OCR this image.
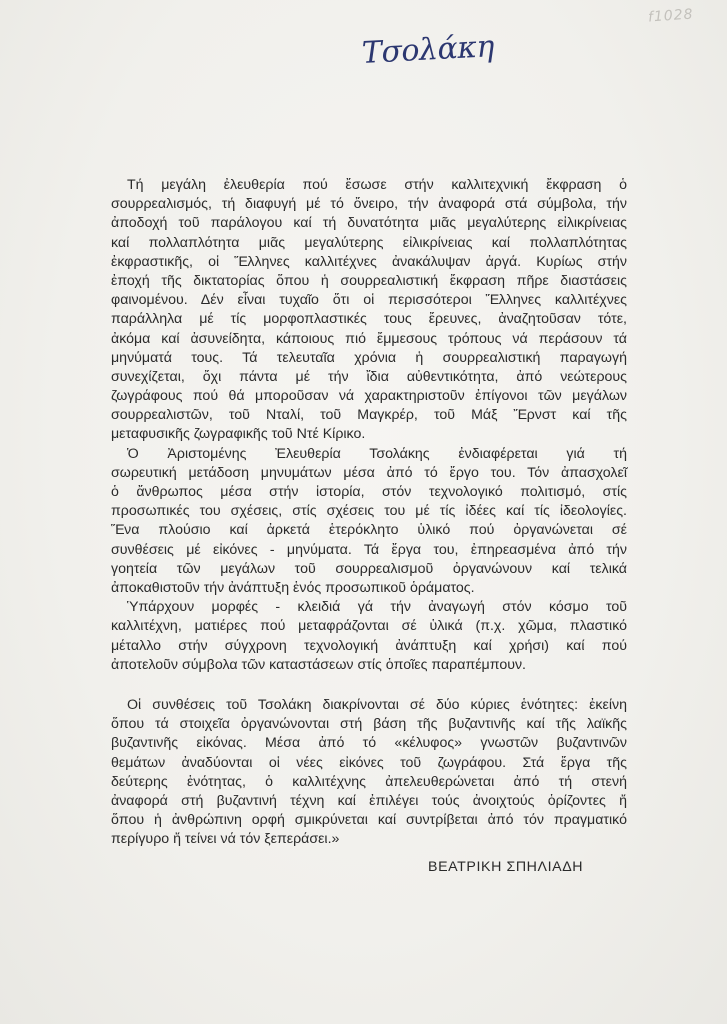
f1028
Τσολάκη
Τή μεγάλη ἐλευθερία πού ἔσωσε στήν καλλιτεχνική ἔκφραση ὁ
σουρρεαλισμός, τή διαφυγή μέ τό ὄνειρο, τήν ἀναφορά στά σύμβολα, τήν
ἀποδοχή τοῦ παράλογου καί τή δυνατότητα μιᾶς μεγαλύτερης εἰλικρίνειας
καί πολλαπλότητα μιᾶς μεγαλύτερης εἰλικρίνειας καί πολλαπλότητας
ἐκφραστικῆς, οἱ Ἕλληνες καλλιτέχνες ἀνακάλυψαν ἀργά. Κυρίως στήν
ἐποχή τῆς δικτατορίας ὅπου ἡ σουρρεαλιστική ἔκφραση πῆρε διαστάσεις
φαινομένου. Δέν εἶναι τυχαῖο ὅτι οἱ περισσότεροι Ἕλληνες καλλιτέχνες
παράλληλα μέ τίς μορφοπλαστικές τους ἔρευνες, ἀναζητοῦσαν τότε,
ἀκόμα καί ἀσυνείδητα, κάποιους πιό ἔμμεσους τρόπους νά περάσουν τά
μηνύματά τους. Τά τελευταῖα χρόνια ἡ σουρρεαλιστική παραγωγή
συνεχίζεται, ὄχι πάντα μέ τήν ἴδια αὐθεντικότητα, ἀπό νεώτερους
ζωγράφους πού θά μποροῦσαν νά χαρακτηριστοῦν ἐπίγονοι τῶν μεγάλων
σουρρεαλιστῶν, τοῦ Νταλί, τοῦ Μαγκρέρ, τοῦ Μάξ Ἔρνστ καί τῆς
μεταφυσικῆς ζωγραφικῆς τοῦ Ντέ Κίρικο.
Ὁ Ἀριστομένης Ἐλευθερία Τσολάκης ἐνδιαφέρεται γιά τή
σωρευτική μετάδοση μηνυμάτων μέσα ἀπό τό ἔργο του. Τόν ἀπασχολεῖ
ὁ ἄνθρωπος μέσα στήν ἱστορία, στόν τεχνολογικό πολιτισμό, στίς
προσωπικές του σχέσεις, στίς σχέσεις του μέ τίς ἰδέες καί τίς ἰδεολογίες.
Ἕνα πλούσιο καί ἀρκετά ἑτερόκλητο ὑλικό πού ὀργανώνεται σέ
συνθέσεις μέ εἰκόνες - μηνύματα. Τά ἔργα του, ἐπηρεασμένα ἀπό τήν
γοητεία τῶν μεγάλων τοῦ σουρρεαλισμοῦ ὀργανώνουν καί τελικά
ἀποκαθιστοῦν τήν ἀνάπτυξη ἑνός προσωπικοῦ ὁράματος.
Ὑπάρχουν μορφές - κλειδιά γά τήν ἀναγωγή στόν κόσμο τοῦ
καλλιτέχνη, ματιέρες πού μεταφράζονται σέ ὑλικά (π.χ. χῶμα, πλαστικό
μέταλλο στήν σύγχρονη τεχνολογική ἀνάπτυξη καί χρήσι) καί πού
ἀποτελοῦν σύμβολα τῶν καταστάσεων στίς ὁποῖες παραπέμπουν.
Οἱ συνθέσεις τοῦ Τσολάκη διακρίνονται σέ δύο κύριες ἑνότητες: ἐκείνη
ὅπου τά στοιχεῖα ὀργανώνονται στή βάση τῆς βυζαντινῆς καί τῆς λαϊκῆς
βυζαντινῆς εἰκόνας. Μέσα ἀπό τό «κέλυφος» γνωστῶν βυζαντινῶν
θεμάτων ἀναδύονται οἱ νέες εἰκόνες τοῦ ζωγράφου. Στά ἔργα τῆς
δεύτερης ἑνότητας, ὁ καλλιτέχνης ἀπελευθερώνεται ἀπό τή στενή
ἀναφορά στή βυζαντινή τέχνη καί ἐπιλέγει τούς ἀνοιχτούς ὁρίζοντες ἤ
ὅπου ἡ ἀνθρώπινη ορφή σμικρύνεται καί συντρίβεται ἀπό τόν πραγματικό
περίγυρο ἤ τείνει νά τόν ξεπεράσει.»
ΒΕΑΤΡΙΚΗ ΣΠΗΛΙΑΔΗ
